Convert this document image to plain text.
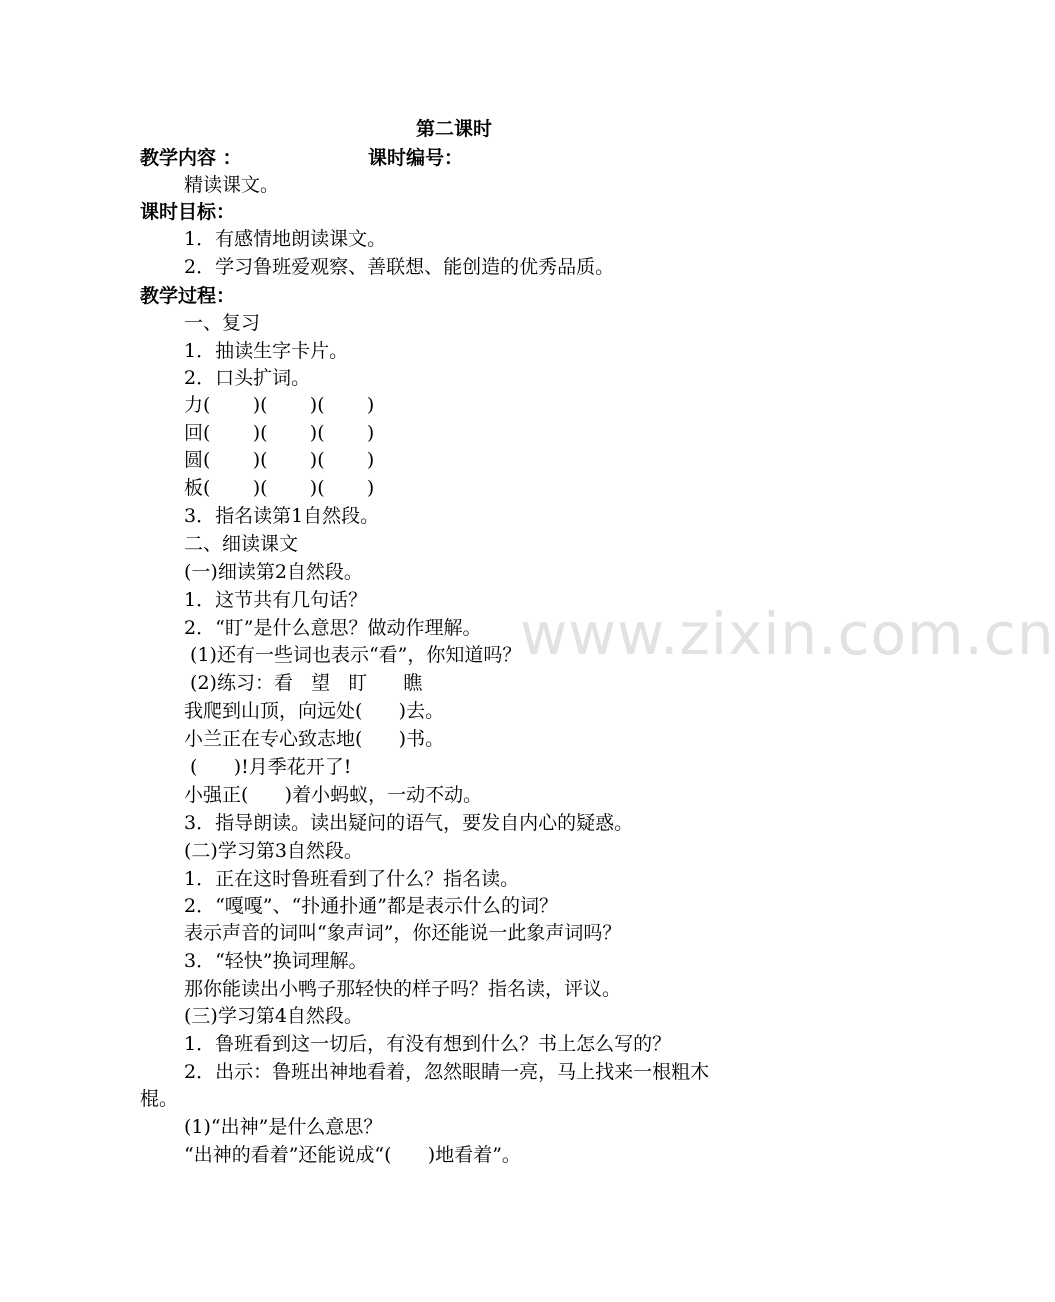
www.zixin.com.cn
第二课时
教学内容 ：	课时编号：
精读课文。
课时目标：
1．有感情地朗读课文。
2．学习鲁班爱观察、善联想、能创造的优秀品质。
教学过程：
一、复习
1．抽读生字卡片。
2．口头扩词。
力(       )(       )(       )
回(       )(       )(       )
圆(       )(       )(       )
板(       )(       )(       )
3．指名读第1自然段。
二、细读课文
(一)细读第2自然段。
1．这节共有几句话？
2．“盯”是什么意思？做动作理解。
(1)还有一些词也表示“看”，你知道吗？
(2)练习：看   望   盯      瞧
我爬到山顶，向远处(      )去。
小兰正在专心致志地(      )书。
(      )!月季花开了!
小强正(      )着小蚂蚁，一动不动。
3．指导朗读。读出疑问的语气，要发自内心的疑惑。
(二)学习第3自然段。
1．正在这时鲁班看到了什么？指名读。
2．“嘎嘎”、“扑通扑通”都是表示什么的词？
表示声音的词叫“象声词”，你还能说一此象声词吗？
3．“轻快”换词理解。
那你能读出小鸭子那轻快的样子吗？指名读，评议。
(三)学习第4自然段。
1．鲁班看到这一切后，有没有想到什么？书上怎么写的？
2．出示：鲁班出神地看着，忽然眼睛一亮，马上找来一根粗木
棍。
(1)“出神”是什么意思？
“出神的看着”还能说成“(      )地看着”。
